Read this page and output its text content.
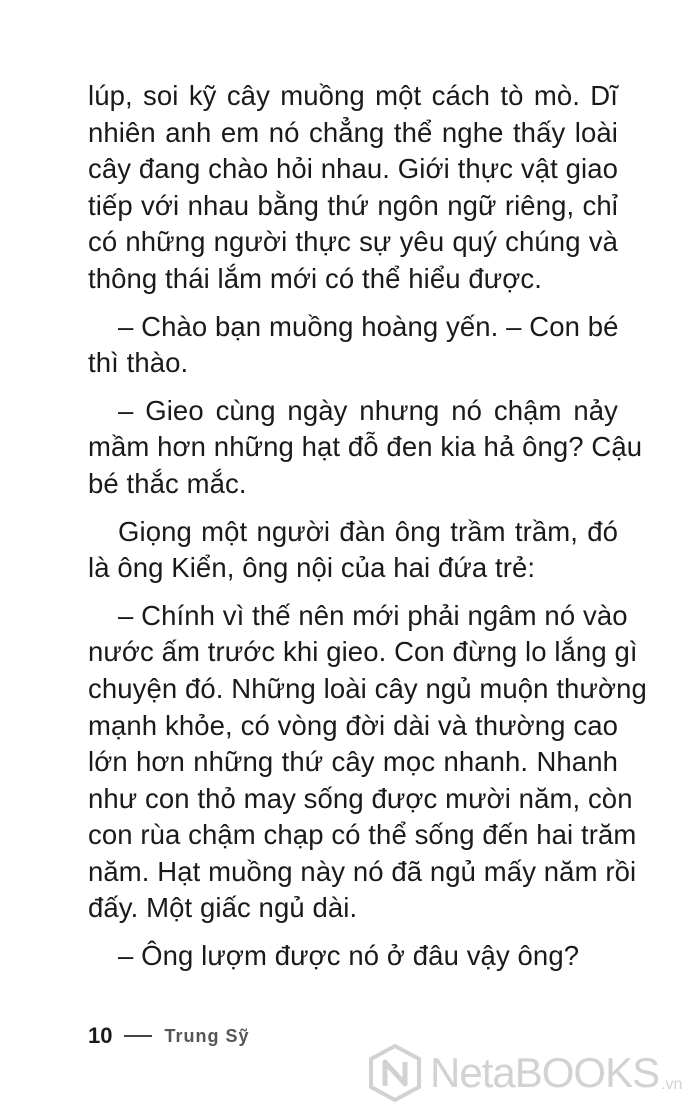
lúp, soi kỹ cây muồng một cách tò mò. Dĩ
nhiên anh em nó chẳng thể nghe thấy loài
cây đang chào hỏi nhau. Giới thực vật giao
tiếp với nhau bằng thứ ngôn ngữ riêng, chỉ
có những người thực sự yêu quý chúng và
thông thái lắm mới có thể hiểu được.
– Chào bạn muồng hoàng yến. – Con bé
thì thào.
– Gieo cùng ngày nhưng nó chậm nảy
mầm hơn những hạt đỗ đen kia hả ông? Cậu
bé thắc mắc.
Giọng một người đàn ông trầm trầm, đó
là ông Kiển, ông nội của hai đứa trẻ:
– Chính vì thế nên mới phải ngâm nó vào
nước ấm trước khi gieo. Con đừng lo lắng gì
chuyện đó. Những loài cây ngủ muộn thường
mạnh khỏe, có vòng đời dài và thường cao
lớn hơn những thứ cây mọc nhanh. Nhanh
như con thỏ may sống được mười năm, còn
con rùa chậm chạp có thể sống đến hai trăm
năm. Hạt muồng này nó đã ngủ mấy năm rồi
đấy. Một giấc ngủ dài.
– Ông lượm được nó ở đâu vậy ông?
10	Trung Sỹ
NetaBOOKS .vn
